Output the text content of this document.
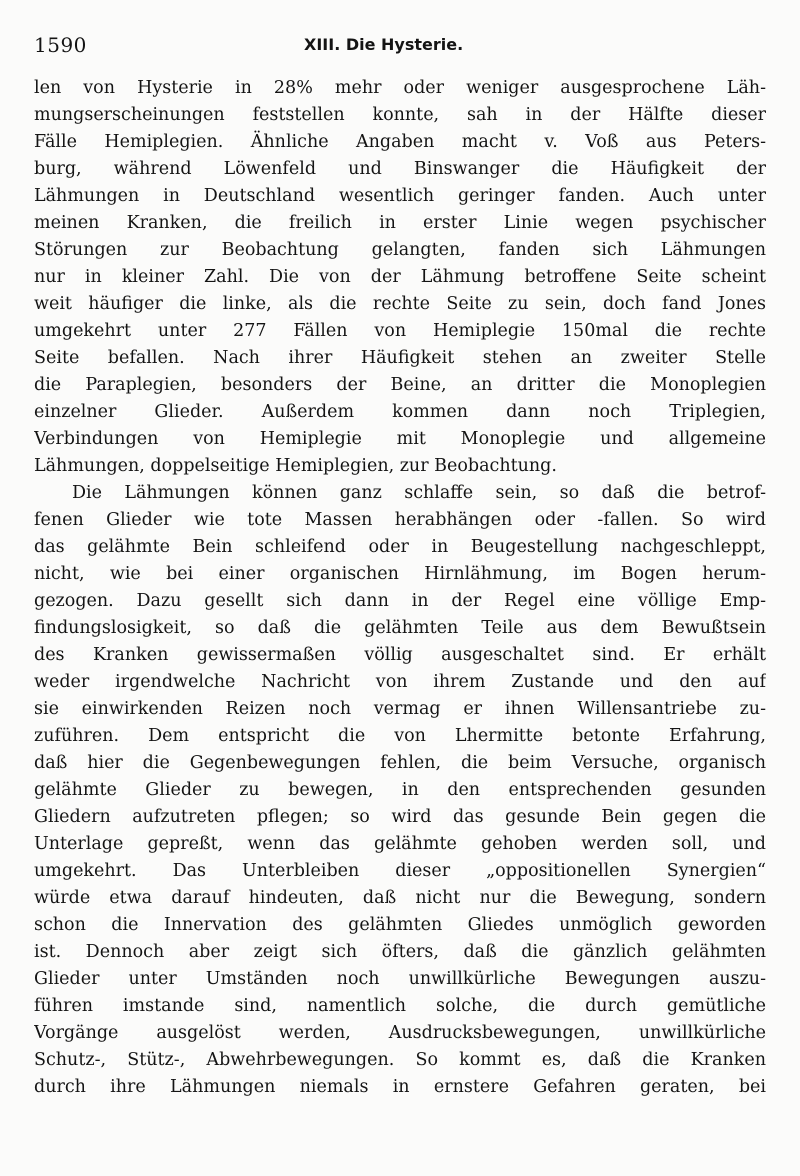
1590	XIII. Die Hysterie.
len von Hysterie in 28% mehr oder weniger ausgesprochene Läh-
mungserscheinungen feststellen konnte, sah in der Hälfte dieser
Fälle Hemiplegien. Ähnliche Angaben macht v. Voß aus Peters-
burg, während Löwenfeld und Binswanger die Häufigkeit der
Lähmungen in Deutschland wesentlich geringer fanden. Auch unter
meinen Kranken, die freilich in erster Linie wegen psychischer
Störungen zur Beobachtung gelangten, fanden sich Lähmungen
nur in kleiner Zahl. Die von der Lähmung betroffene Seite scheint
weit häufiger die linke, als die rechte Seite zu sein, doch fand Jones
umgekehrt unter 277 Fällen von Hemiplegie 150mal die rechte
Seite befallen. Nach ihrer Häufigkeit stehen an zweiter Stelle
die Paraplegien, besonders der Beine, an dritter die Monoplegien
einzelner Glieder. Außerdem kommen dann noch Triplegien,
Verbindungen von Hemiplegie mit Monoplegie und allgemeine
Lähmungen, doppelseitige Hemiplegien, zur Beobachtung.
Die Lähmungen können ganz schlaffe sein, so daß die betrof-
fenen Glieder wie tote Massen herabhängen oder -fallen. So wird
das gelähmte Bein schleifend oder in Beugestellung nachgeschleppt,
nicht, wie bei einer organischen Hirnlähmung, im Bogen herum-
gezogen. Dazu gesellt sich dann in der Regel eine völlige Emp-
findungslosigkeit, so daß die gelähmten Teile aus dem Bewußtsein
des Kranken gewissermaßen völlig ausgeschaltet sind. Er erhält
weder irgendwelche Nachricht von ihrem Zustande und den auf
sie einwirkenden Reizen noch vermag er ihnen Willensantriebe zu-
zuführen. Dem entspricht die von Lhermitte betonte Erfahrung,
daß hier die Gegenbewegungen fehlen, die beim Versuche, organisch
gelähmte Glieder zu bewegen, in den entsprechenden gesunden
Gliedern aufzutreten pflegen; so wird das gesunde Bein gegen die
Unterlage gepreßt, wenn das gelähmte gehoben werden soll, und
umgekehrt. Das Unterbleiben dieser „oppositionellen Synergien“
würde etwa darauf hindeuten, daß nicht nur die Bewegung, sondern
schon die Innervation des gelähmten Gliedes unmöglich geworden
ist. Dennoch aber zeigt sich öfters, daß die gänzlich gelähmten
Glieder unter Umständen noch unwillkürliche Bewegungen auszu-
führen imstande sind, namentlich solche, die durch gemütliche
Vorgänge ausgelöst werden, Ausdrucksbewegungen, unwillkürliche
Schutz-, Stütz-, Abwehrbewegungen. So kommt es, daß die Kranken
durch ihre Lähmungen niemals in ernstere Gefahren geraten, bei
